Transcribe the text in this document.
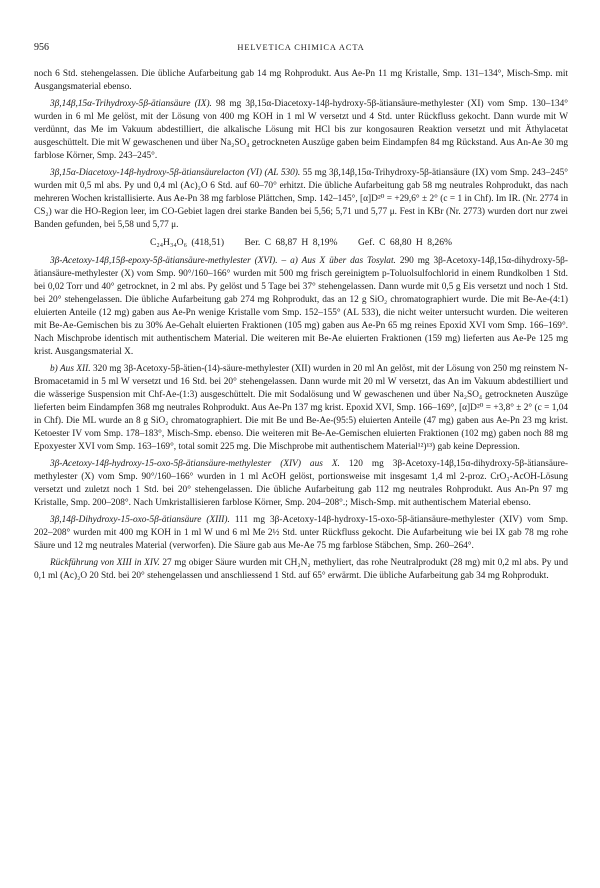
956	HELVETICA CHIMICA ACTA

noch 6 Std. stehengelassen. Die übliche Aufarbeitung gab 14 mg Rohprodukt. Aus Ae-Pn 11 mg Kristalle, Smp. 131–134°, Misch-Smp. mit Ausgangsmaterial ebenso.

3β,14β,15α-Trihydroxy-5β-ätiansäure (IX). 98 mg 3β,15α-Diacetoxy-14β-hydroxy-5β-ätiansäure-methylester (XI) vom Smp. 130–134° wurden in 6 ml Me gelöst, mit der Lösung von 400 mg KOH in 1 ml W versetzt und 4 Std. unter Rückfluss gekocht. Dann wurde mit W verdünnt, das Me im Vakuum abdestilliert, die alkalische Lösung mit HCl bis zur kongosauren Reaktion versetzt und mit Äthylacetat ausgeschüttelt. Die mit W gewaschenen und über Na₂SO₄ getrockneten Auszüge gaben beim Eindampfen 84 mg Rückstand. Aus An-Ae 30 mg farblose Körner, Smp. 243–245°.

3β,15α-Diacetoxy-14β-hydroxy-5β-ätiansäurelacton (VI) (AL 530). 55 mg 3β,14β,15α-Trihydroxy-5β-ätiansäure (IX) vom Smp. 243–245° wurden mit 0,5 ml abs. Py und 0,4 ml (Ac)₂O 6 Std. auf 60–70° erhitzt. Die übliche Aufarbeitung gab 58 mg neutrales Rohprodukt, das nach mehreren Wochen kristallisierte. Aus Ae-Pn 38 mg farblose Plättchen, Smp. 142–145°, [α]D²⁰ = +29,6° ± 2° (c = 1 in Chf). Im IR. (Nr. 2774 in CS₂) war die HO-Region leer, im CO-Gebiet lagen drei starke Banden bei 5,56; 5,71 und 5,77 μ. Fest in KBr (Nr. 2773) wurden dort nur zwei Banden gefunden, bei 5,58 und 5,77 μ.

C₂₄H₃₄O₆ (418,51) Ber. C 68,87 H 8,19% Gef. C 68,80 H 8,26%

3β-Acetoxy-14β,15β-epoxy-5β-ätiansäure-methylester (XVI). – a) Aus X über das Tosylat. 290 mg 3β-Acetoxy-14β,15α-dihydroxy-5β-ätiansäure-methylester (X) vom Smp. 90°/160–166° wurden mit 500 mg frisch gereinigtem p-Toluolsulfochlorid in einem Rundkolben 1 Std. bei 0,02 Torr und 40° getrocknet, in 2 ml abs. Py gelöst und 5 Tage bei 37° stehengelassen. Dann wurde mit 0,5 g Eis versetzt und noch 1 Std. bei 20° stehengelassen. Die übliche Aufarbeitung gab 274 mg Rohprodukt, das an 12 g SiO₂ chromatographiert wurde. Die mit Be-Ae-(4:1) eluierten Anteile (12 mg) gaben aus Ae-Pn wenige Kristalle vom Smp. 152–155° (AL 533), die nicht weiter untersucht wurden. Die weiteren mit Be-Ae-Gemischen bis zu 30% Ae-Gehalt eluierten Fraktionen (105 mg) gaben aus Ae-Pn 65 mg reines Epoxid XVI vom Smp. 166–169°. Nach Mischprobe identisch mit authentischem Material. Die weiteren mit Be-Ae eluierten Fraktionen (159 mg) lieferten aus Ae-Pe 125 mg krist. Ausgangsmaterial X.

b) Aus XII. 320 mg 3β-Acetoxy-5β-ätien-(14)-säure-methylester (XII) wurden in 20 ml An gelöst, mit der Lösung von 250 mg reinstem N-Bromacetamid in 5 ml W versetzt und 16 Std. bei 20° stehengelassen. Dann wurde mit 20 ml W versetzt, das An im Vakuum abdestilliert und die wässerige Suspension mit Chf-Ae-(1:3) ausgeschüttelt. Die mit Sodalösung und W gewaschenen und über Na₂SO₄ getrockneten Auszüge lieferten beim Eindampfen 368 mg neutrales Rohprodukt. Aus Ae-Pn 137 mg krist. Epoxid XVI, Smp. 166–169°, [α]D²⁰ = +3,8° ± 2° (c = 1,04 in Chf). Die ML wurde an 8 g SiO₂ chromatographiert. Die mit Be und Be-Ae-(95:5) eluierten Anteile (47 mg) gaben aus Ae-Pn 23 mg krist. Ketoester IV vom Smp. 178–183°, Misch-Smp. ebenso. Die weiteren mit Be-Ae-Gemischen eluierten Fraktionen (102 mg) gaben noch 88 mg Epoxyester XVI vom Smp. 163–169°, total somit 225 mg. Die Mischprobe mit authentischem Material¹²)¹³) gab keine Depression.

3β-Acetoxy-14β-hydroxy-15-oxo-5β-ätiansäure-methylester (XIV) aus X. 120 mg 3β-Acetoxy-14β,15α-dihydroxy-5β-ätiansäure-methylester (X) vom Smp. 90°/160–166° wurden in 1 ml AcOH gelöst, portionsweise mit insgesamt 1,4 ml 2-proz. CrO₃-AcOH-Lösung versetzt und zuletzt noch 1 Std. bei 20° stehengelassen. Die übliche Aufarbeitung gab 112 mg neutrales Rohprodukt. Aus An-Pn 97 mg Kristalle, Smp. 200–208°. Nach Umkristallisieren farblose Körner, Smp. 204–208°.; Misch-Smp. mit authentischem Material ebenso.

3β,14β-Dihydroxy-15-oxo-5β-ätiansäure (XIII). 111 mg 3β-Acetoxy-14β-hydroxy-15-oxo-5β-ätiansäure-methylester (XIV) vom Smp. 202–208° wurden mit 400 mg KOH in 1 ml W und 6 ml Me 2½ Std. unter Rückfluss gekocht. Die Aufarbeitung wie bei IX gab 78 mg rohe Säure und 12 mg neutrales Material (verworfen). Die Säure gab aus Me-Ae 75 mg farblose Stäbchen, Smp. 260–264°.

Rückführung von XIII in XIV. 27 mg obiger Säure wurden mit CH₂N₂ methyliert, das rohe Neutralprodukt (28 mg) mit 0,2 ml abs. Py und 0,1 ml (Ac)₂O 20 Std. bei 20° stehengelassen und anschliessend 1 Std. auf 65° erwärmt. Die übliche Aufarbeitung gab 34 mg Rohprodukt.
